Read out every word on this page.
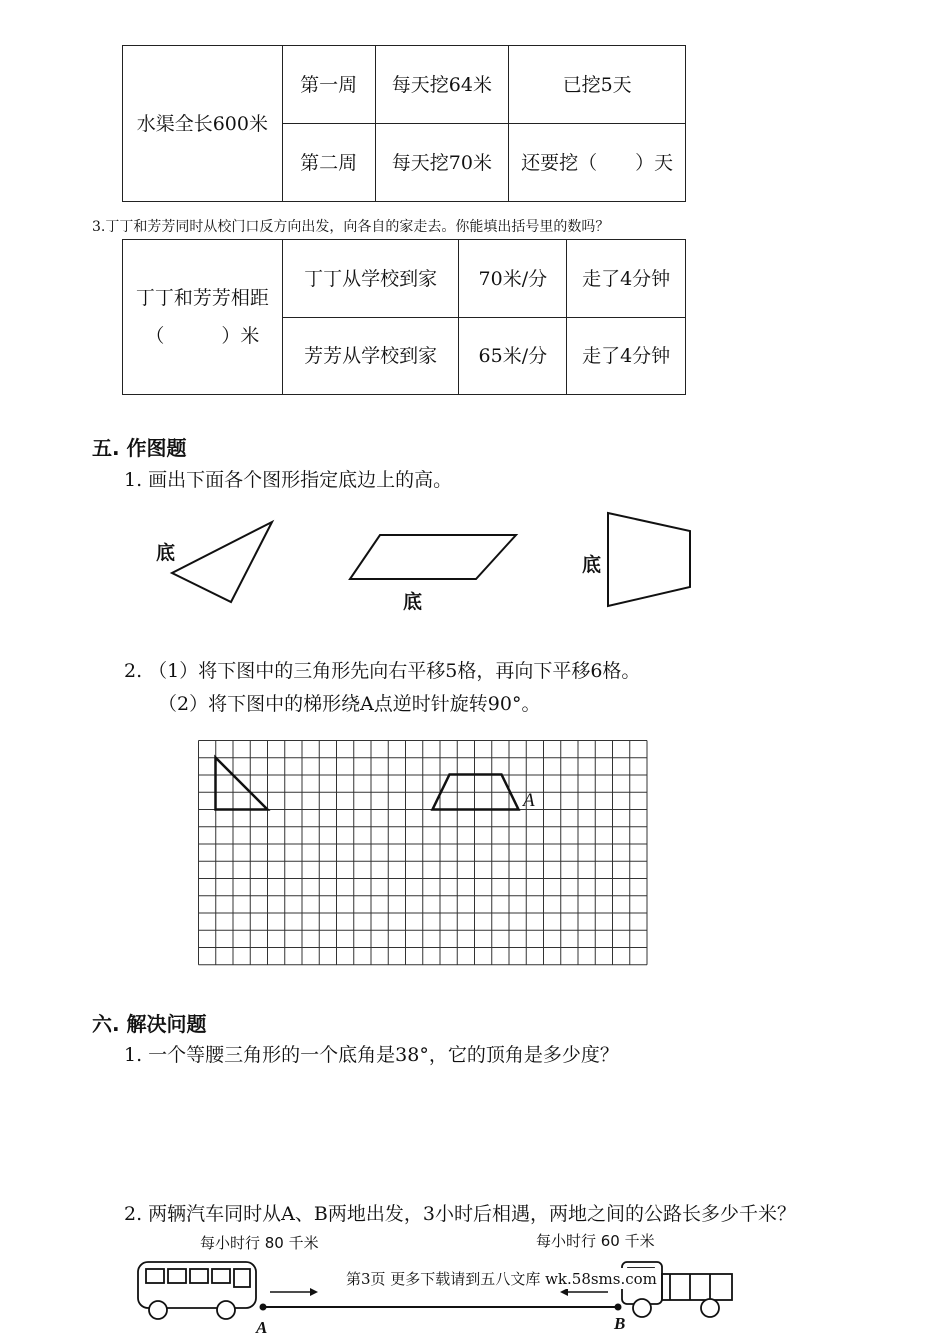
水渠全长600米	第一周	每天挖64米	已挖5天
	第二周	每天挖70米	还要挖（　　）天
3.丁丁和芳芳同时从校门口反方向出发，向各自的家走去。你能填出括号里的数吗？
丁丁和芳芳相距（　　　）米	丁丁从学校到家	70米/分	走了4分钟
	芳芳从学校到家	65米/分	走了4分钟
五. 作图题
1. 画出下面各个图形指定底边上的高。
底
底
底
2. （1）将下图中的三角形先向右平移5格，再向下平移6格。
（2）将下图中的梯形绕A点逆时针旋转90°。
A
六. 解决问题
1. 一个等腰三角形的一个底角是38°，它的顶角是多少度？
2. 两辆汽车同时从A、B两地出发，3小时后相遇，两地之间的公路长多少千米？
每小时行 80 千米	每小时行 60 千米
A	B
第3页 更多下载请到五八文库 wk.58sms.com
